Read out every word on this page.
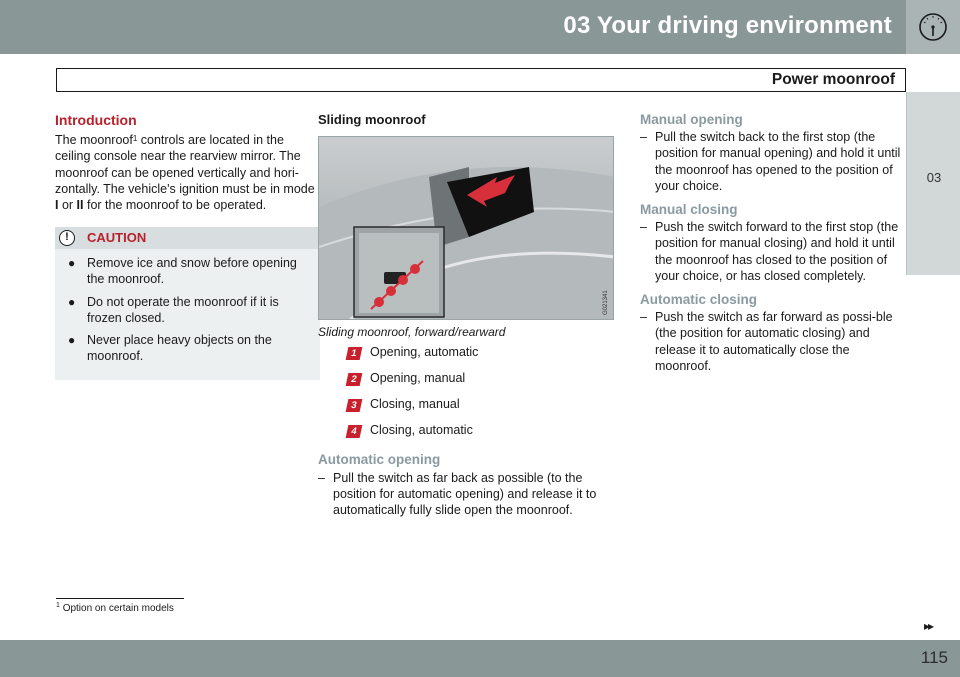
03 Your driving environment
Power moonroof
03
Introduction
The moonroof$^1$ controls are located in the ceiling console near the rearview mirror. The moonroof can be opened vertically and hori-zontally. The vehicle's ignition must be in mode I or II for the moonroof to be operated.
!	CAUTION
● Remove ice and snow before opening the moonroof.
● Do not operate the moonroof if it is frozen closed.
● Never place heavy objects on the moonroof.
Sliding moonroof
G021341
Sliding moonroof, forward/rearward
1 Opening, automatic
2 Opening, manual
3 Closing, manual
4 Closing, automatic
Automatic opening
– Pull the switch as far back as possible (to the position for automatic opening) and release it to automatically fully slide open the moonroof.
Manual opening
– Pull the switch back to the first stop (the position for manual opening) and hold it until the moonroof has opened to the position of your choice.
Manual closing
– Push the switch forward to the first stop (the position for manual closing) and hold it until the moonroof has closed to the position of your choice, or has closed completely.
Automatic closing
– Push the switch as far forward as possi-ble (the position for automatic closing) and release it to automatically close the moonroof.
$^1$ Option on certain models
▸▸
115
